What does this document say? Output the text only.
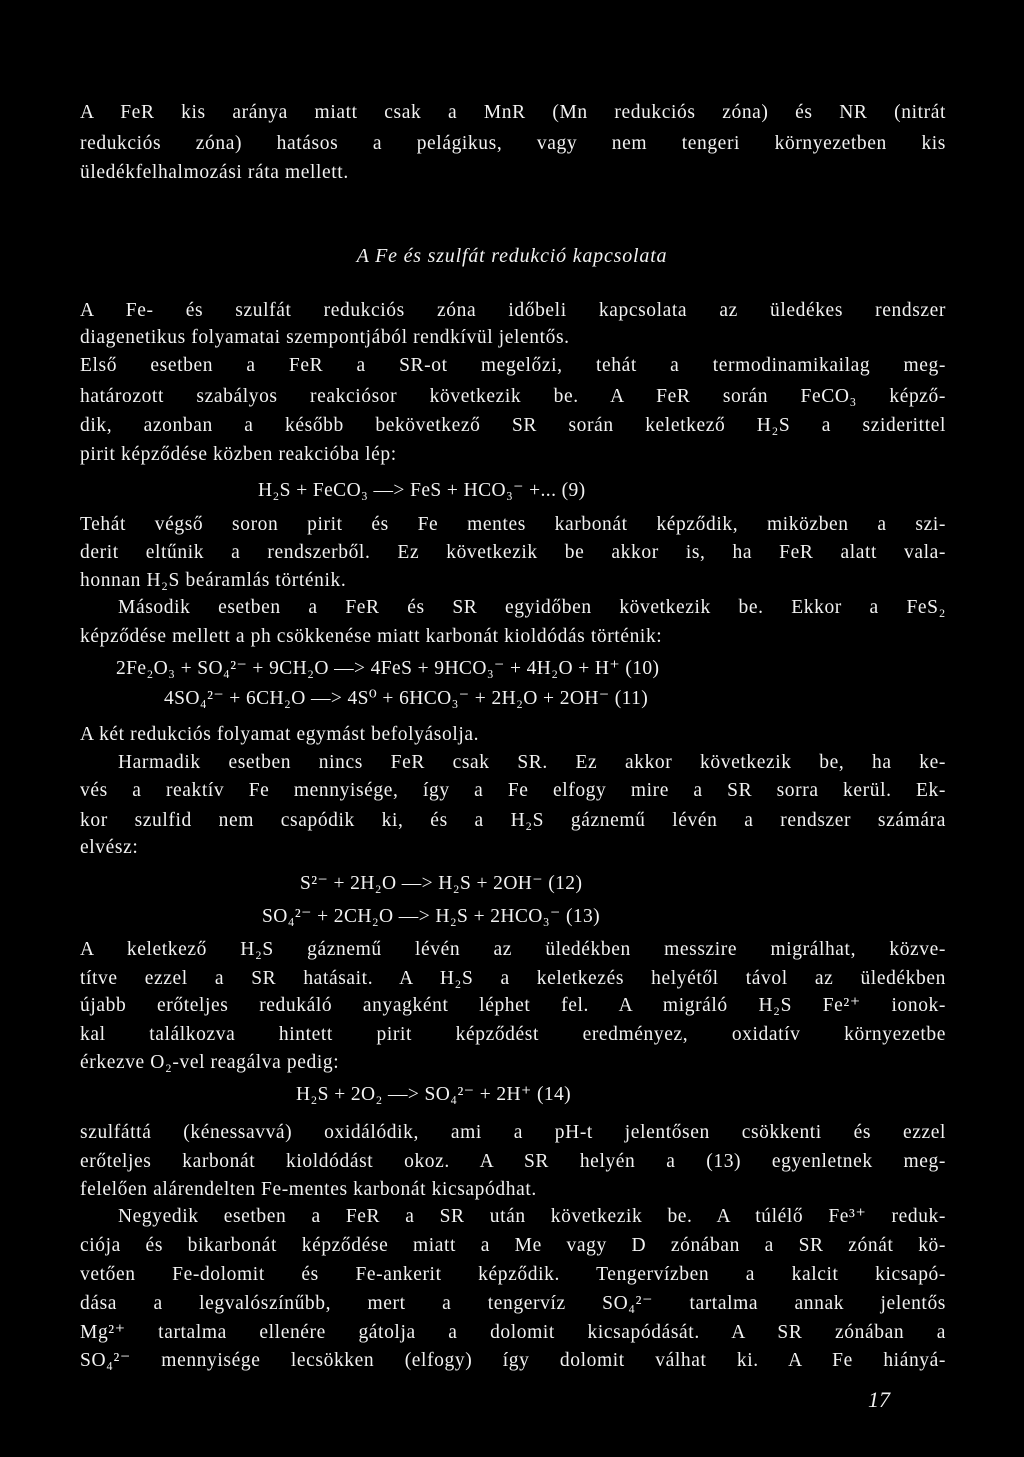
A FeR kis aránya miatt csak a MnR (Mn redukciós zóna) és NR (nitrát
redukciós zóna) hatásos a pelágikus, vagy nem tengeri környezetben kis
üledékfelhalmozási ráta mellett.
A Fe és szulfát redukció kapcsolata
A Fe- és szulfát redukciós zóna időbeli kapcsolata az üledékes rendszer
diagenetikus folyamatai szempontjából rendkívül jelentős.
Első esetben a FeR a SR-ot megelőzi, tehát a termodinamikailag meg-
határozott szabályos reakciósor következik be. A FeR során FeCO₃ képző-
dik, azonban a később bekövetkező SR során keletkező H₂S a sziderittel
pirit képződése közben reakcióba lép:
H₂S + FeCO₃ —> FeS + HCO₃⁻ +... (9)
Tehát végső soron pirit és Fe mentes karbonát képződik, miközben a szi-
derit eltűnik a rendszerből. Ez következik be akkor is, ha FeR alatt vala-
honnan H₂S beáramlás történik.
Második esetben a FeR és SR egyidőben következik be. Ekkor a FeS₂
képződése mellett a ph csökkenése miatt karbonát kioldódás történik:
2Fe₂O₃ + SO₄²⁻ + 9CH₂O —> 4FeS + 9HCO₃⁻ + 4H₂O + H⁺ (10)
4SO₄²⁻ + 6CH₂O —> 4S⁰ + 6HCO₃⁻ + 2H₂O + 2OH⁻ (11)
A két redukciós folyamat egymást befolyásolja.
Harmadik esetben nincs FeR csak SR. Ez akkor következik be, ha ke-
vés a reaktív Fe mennyisége, így a Fe elfogy mire a SR sorra kerül. Ek-
kor szulfid nem csapódik ki, és a H₂S gáznemű lévén a rendszer számára
elvész:
S²⁻ + 2H₂O —> H₂S + 2OH⁻ (12)
SO₄²⁻ + 2CH₂O —> H₂S + 2HCO₃⁻ (13)
A keletkező H₂S gáznemű lévén az üledékben messzire migrálhat, közve-
títve ezzel a SR hatásait. A H₂S a keletkezés helyétől távol az üledékben
újabb erőteljes redukáló anyagként léphet fel. A migráló H₂S Fe²⁺ ionok-
kal találkozva hintett pirit képződést eredményez, oxidatív környezetbe
érkezve O₂-vel reagálva pedig:
H₂S + 2O₂ —> SO₄²⁻ + 2H⁺ (14)
szulfáttá (kénessavvá) oxidálódik, ami a pH-t jelentősen csökkenti és ezzel
erőteljes karbonát kioldódást okoz. A SR helyén a (13) egyenletnek meg-
felelően alárendelten Fe-mentes karbonát kicsapódhat.
Negyedik esetben a FeR a SR után következik be. A túlélő Fe³⁺ reduk-
ciója és bikarbonát képződése miatt a Me vagy D zónában a SR zónát kö-
vetően Fe-dolomit és Fe-ankerit képződik. Tengervízben a kalcit kicsapó-
dása a legvalószínűbb, mert a tengervíz SO₄²⁻ tartalma annak jelentős
Mg²⁺ tartalma ellenére gátolja a dolomit kicsapódását. A SR zónában a
SO₄²⁻ mennyisége lecsökken (elfogy) így dolomit válhat ki. A Fe hiányá-
17
